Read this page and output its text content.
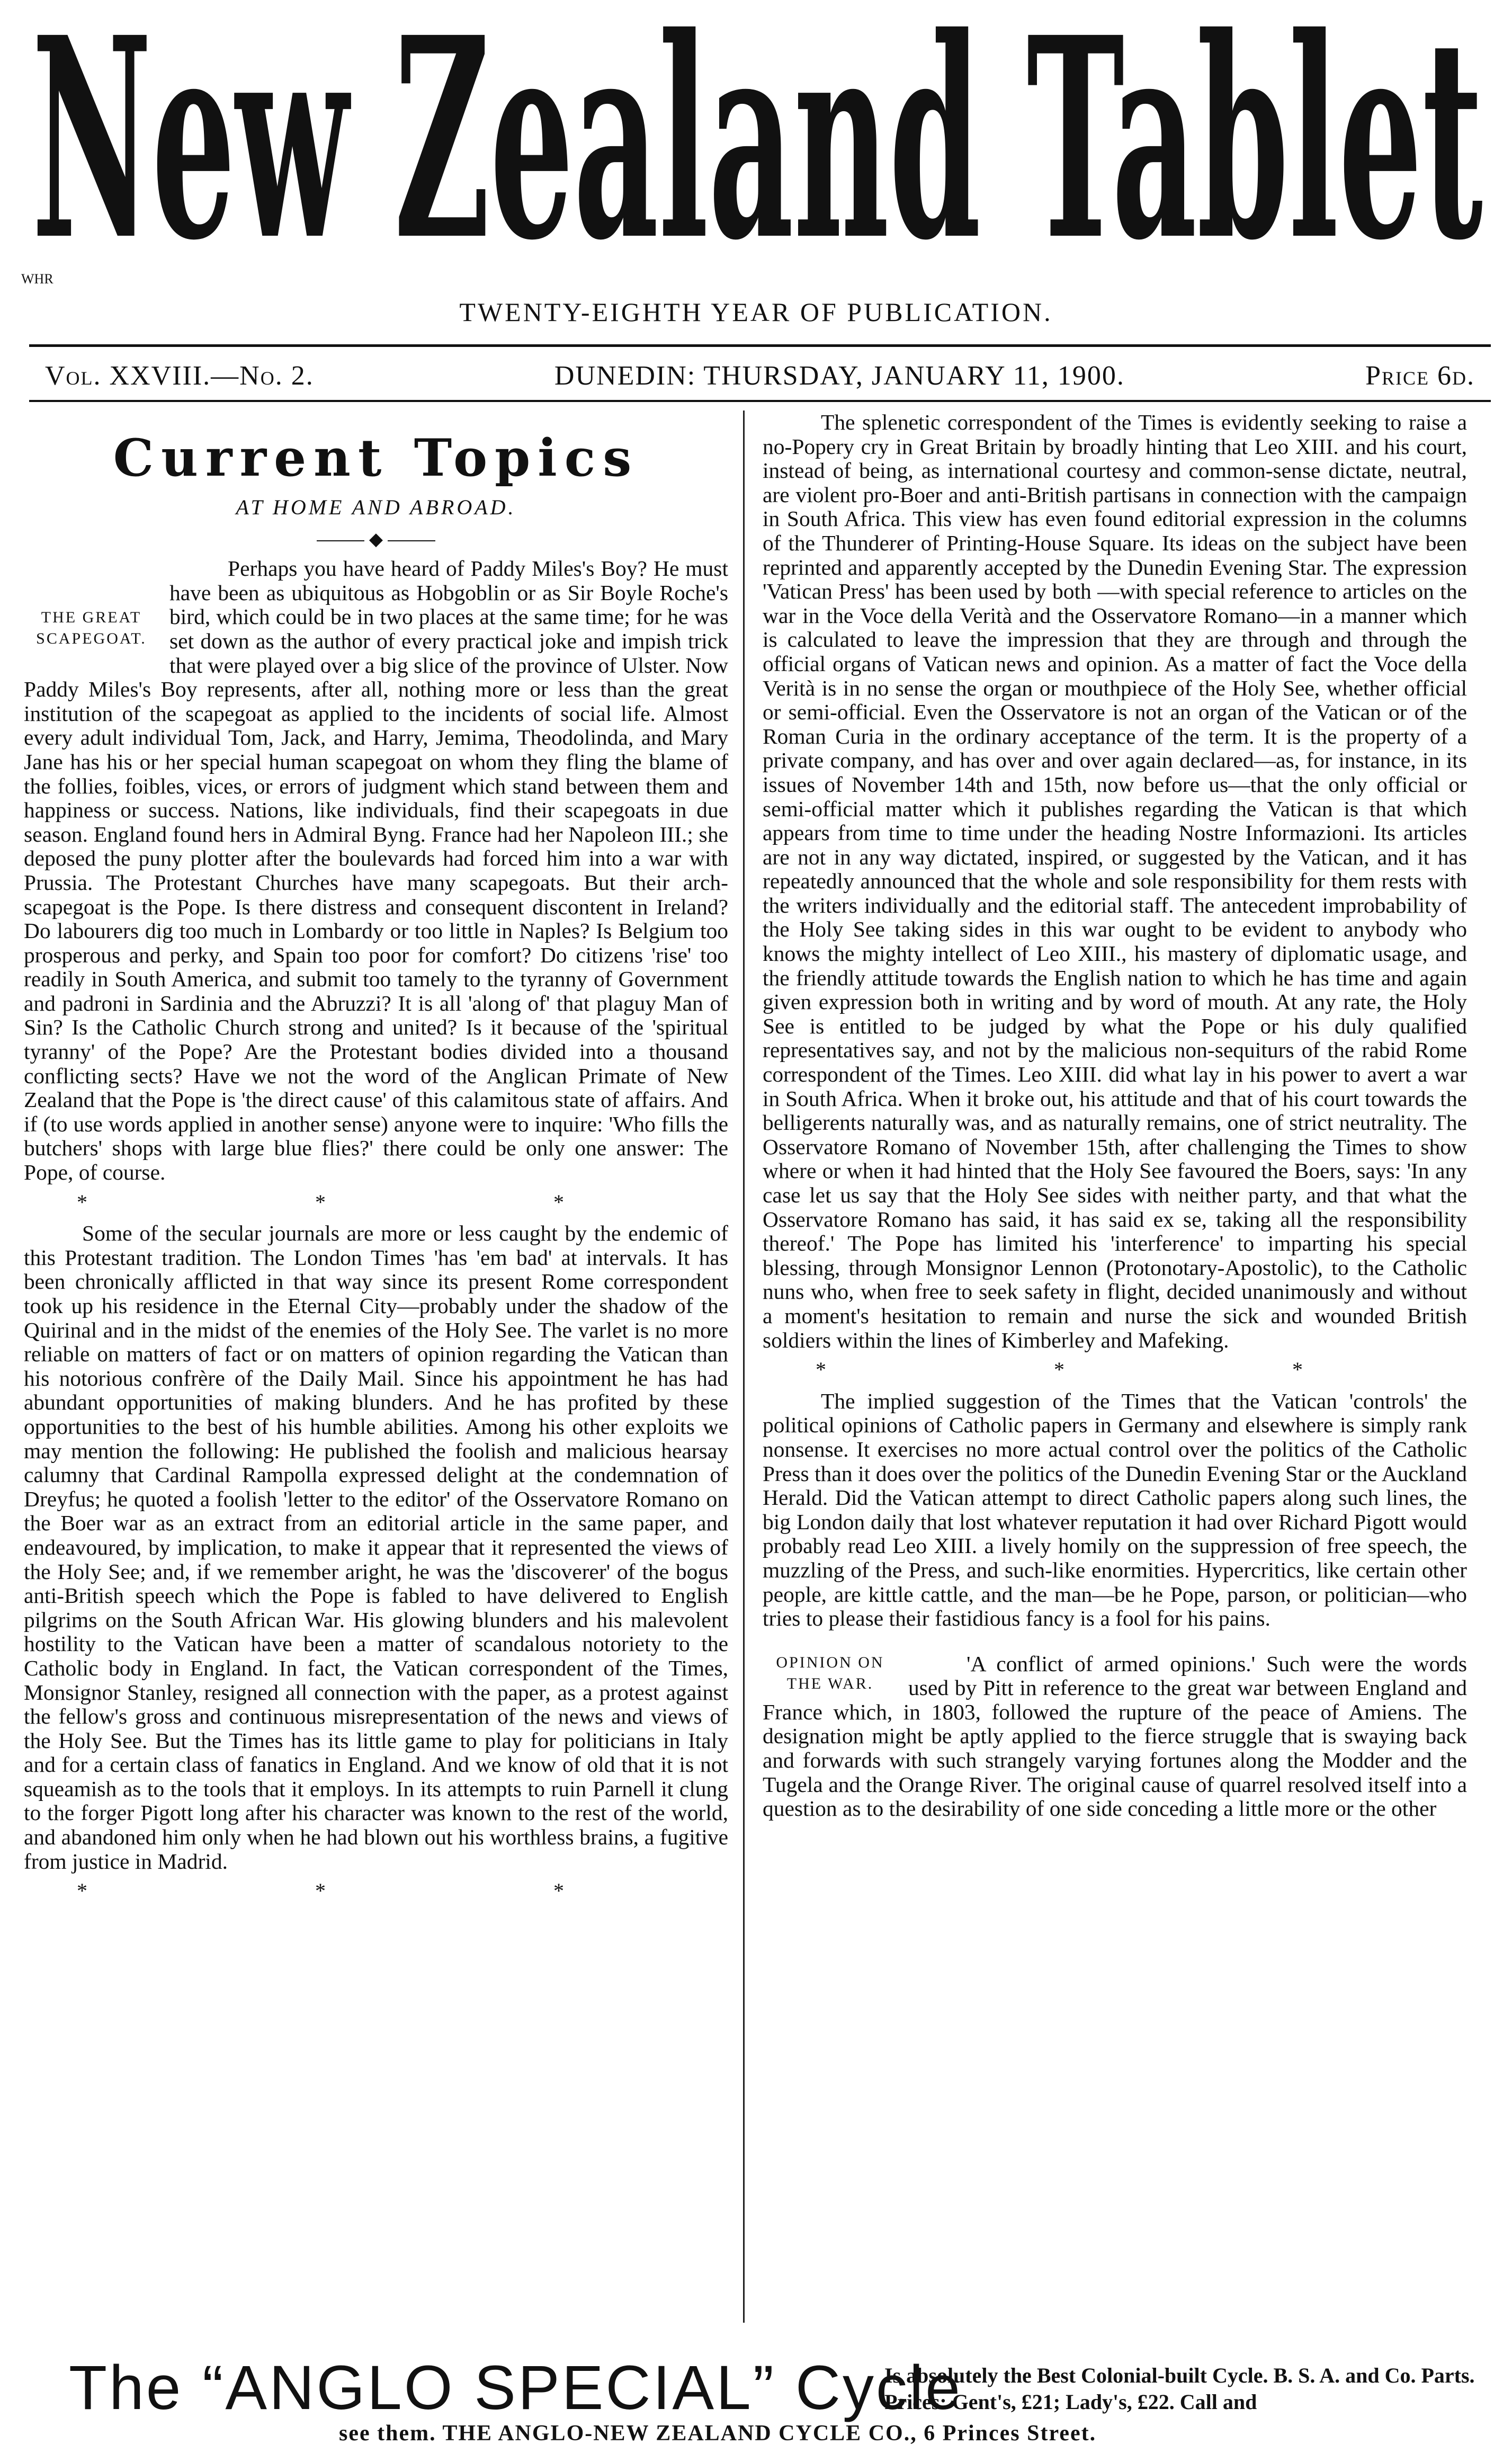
New Zealand Tablet
WHR
TWENTY-EIGHTH YEAR OF PUBLICATION.
Vol. XXVIII.—No. 2.	DUNEDIN: THURSDAY, JANUARY 11, 1900.	Price 6d.
Current Topics
AT HOME AND ABROAD.
◆
THE GREAT SCAPEGOAT.

Perhaps you have heard of Paddy Miles's Boy? He must have been as ubiquitous as Hobgoblin or as Sir Boyle Roche's bird, which could be in two places at the same time; for he was set down as the author of every practical joke and impish trick that were played over a big slice of the province of Ulster. Now Paddy Miles's Boy represents, after all, nothing more or less than the great institution of the scapegoat as applied to the incidents of social life. Almost every adult individual Tom, Jack, and Harry, Jemima, Theodolinda, and Mary Jane has his or her special human scapegoat on whom they fling the blame of the follies, foibles, vices, or errors of judgment which stand between them and happiness or success. Nations, like individuals, find their scapegoats in due season. England found hers in Admiral Byng. France had her Napoleon III.; she deposed the puny plotter after the boulevards had forced him into a war with Prussia. The Protestant Churches have many scapegoats. But their arch-scapegoat is the Pope. Is there distress and consequent discontent in Ireland? Do labourers dig too much in Lombardy or too little in Naples? Is Belgium too prosperous and perky, and Spain too poor for comfort? Do citizens 'rise' too readily in South America, and submit too tamely to the tyranny of Government and padroni in Sardinia and the Abruzzi? It is all 'along of' that plaguy Man of Sin? Is the Catholic Church strong and united? Is it because of the 'spiritual tyranny' of the Pope? Are the Protestant bodies divided into a thousand conflicting sects? Have we not the word of the Anglican Primate of New Zealand that the Pope is 'the direct cause' of this calamitous state of affairs. And if (to use words applied in another sense) anyone were to inquire: 'Who fills the butchers' shops with large blue flies?' there could be only one answer: The Pope, of course.

* * *

Some of the secular journals are more or less caught by the endemic of this Protestant tradition. The London Times 'has 'em bad' at intervals. It has been chronically afflicted in that way since its present Rome correspondent took up his residence in the Eternal City—probably under the shadow of the Quirinal and in the midst of the enemies of the Holy See. The varlet is no more reliable on matters of fact or on matters of opinion regarding the Vatican than his notorious confrère of the Daily Mail. Since his appointment he has had abundant opportunities of making blunders. And he has profited by these opportunities to the best of his humble abilities. Among his other exploits we may mention the following: He published the foolish and malicious hearsay calumny that Cardinal Rampolla expressed delight at the condemnation of Dreyfus; he quoted a foolish 'letter to the editor' of the Osservatore Romano on the Boer war as an extract from an editorial article in the same paper, and endeavoured, by implication, to make it appear that it represented the views of the Holy See; and, if we remember aright, he was the 'discoverer' of the bogus anti-British speech which the Pope is fabled to have delivered to English pilgrims on the South African War. His glowing blunders and his malevolent hostility to the Vatican have been a matter of scandalous notoriety to the Catholic body in England. In fact, the Vatican correspondent of the Times, Monsignor Stanley, resigned all connection with the paper, as a protest against the fellow's gross and continuous misrepresentation of the news and views of the Holy See. But the Times has its little game to play for politicians in Italy and for a certain class of fanatics in England. And we know of old that it is not squeamish as to the tools that it employs. In its attempts to ruin Parnell it clung to the forger Pigott long after his character was known to the rest of the world, and abandoned him only when he had blown out his worthless brains, a fugitive from justice in Madrid.

* * *

The splenetic correspondent of the Times is evidently seeking to raise a no-Popery cry in Great Britain by broadly hinting that Leo XIII. and his court, instead of being, as international courtesy and common-sense dictate, neutral, are violent pro-Boer and anti-British partisans in connection with the campaign in South Africa. This view has even found editorial expression in the columns of the Thunderer of Printing-House Square. Its ideas on the subject have been reprinted and apparently accepted by the Dunedin Evening Star. The expression 'Vatican Press' has been used by both —with special reference to articles on the war in the Voce della Verità and the Osservatore Romano—in a manner which is calculated to leave the impression that they are through and through the official organs of Vatican news and opinion. As a matter of fact the Voce della Verità is in no sense the organ or mouthpiece of the Holy See, whether official or semi-official. Even the Osservatore is not an organ of the Vatican or of the Roman Curia in the ordinary acceptance of the term. It is the property of a private company, and has over and over again declared—as, for instance, in its issues of November 14th and 15th, now before us—that the only official or semi-official matter which it publishes regarding the Vatican is that which appears from time to time under the heading Nostre Informazioni. Its articles are not in any way dictated, inspired, or suggested by the Vatican, and it has repeatedly announced that the whole and sole responsibility for them rests with the writers individually and the editorial staff. The antecedent improbability of the Holy See taking sides in this war ought to be evident to anybody who knows the mighty intellect of Leo XIII., his mastery of diplomatic usage, and the friendly attitude towards the English nation to which he has time and again given expression both in writing and by word of mouth. At any rate, the Holy See is entitled to be judged by what the Pope or his duly qualified representatives say, and not by the malicious non-sequiturs of the rabid Rome correspondent of the Times. Leo XIII. did what lay in his power to avert a war in South Africa. When it broke out, his attitude and that of his court towards the belligerents naturally was, and as naturally remains, one of strict neutrality. The Osservatore Romano of November 15th, after challenging the Times to show where or when it had hinted that the Holy See favoured the Boers, says: 'In any case let us say that the Holy See sides with neither party, and that what the Osservatore Romano has said, it has said ex se, taking all the responsibility thereof.' The Pope has limited his 'interference' to imparting his special blessing, through Monsignor Lennon (Protonotary-Apostolic), to the Catholic nuns who, when free to seek safety in flight, decided unanimously and without a moment's hesitation to remain and nurse the sick and wounded British soldiers within the lines of Kimberley and Mafeking.

* * *

The implied suggestion of the Times that the Vatican 'controls' the political opinions of Catholic papers in Germany and elsewhere is simply rank nonsense. It exercises no more actual control over the politics of the Catholic Press than it does over the politics of the Dunedin Evening Star or the Auckland Herald. Did the Vatican attempt to direct Catholic papers along such lines, the big London daily that lost whatever reputation it had over Richard Pigott would probably read Leo XIII. a lively homily on the suppression of free speech, the muzzling of the Press, and such-like enormities. Hypercritics, like certain other people, are kittle cattle, and the man—be he Pope, parson, or politician—who tries to please their fastidious fancy is a fool for his pains.

OPINION ON THE WAR.

'A conflict of armed opinions.' Such were the words used by Pitt in reference to the great war between England and France which, in 1803, followed the rupture of the peace of Amiens. The designation might be aptly applied to the fierce struggle that is swaying back and forwards with such strangely varying fortunes along the Modder and the Tugela and the Orange River. The original cause of quarrel resolved itself into a question as to the desirability of one side conceding a little more or the other

The “ANGLO SPECIAL” Cycle
Is absolutely the Best Colonial-built Cycle. B. S. A. and Co. Parts. Prices: Gent's, £21; Lady's, £22. Call and
see them. THE ANGLO-NEW ZEALAND CYCLE CO., 6 Princes Street.
